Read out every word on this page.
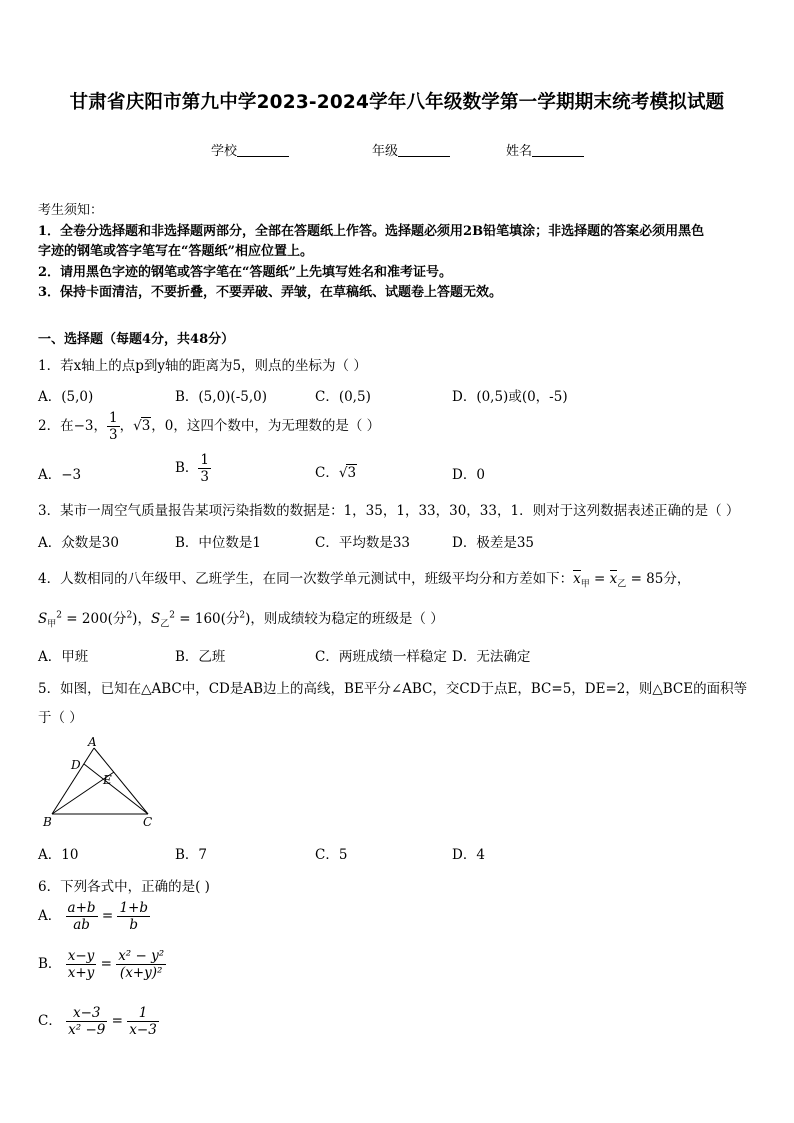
甘肃省庆阳市第九中学2023-2024学年八年级数学第一学期期末统考模拟试题
学校	年级	姓名
考生须知：
1．全卷分选择题和非选择题两部分，全部在答题纸上作答。选择题必须用2B铅笔填涂；非选择题的答案必须用黑色
字迹的钢笔或答字笔写在“答题纸”相应位置上。
2．请用黑色字迹的钢笔或答字笔在“答题纸”上先填写姓名和准考证号。
3．保持卡面清洁，不要折叠，不要弄破、弄皱，在草稿纸、试题卷上答题无效。
一、选择题（每题4分，共48分）
1．若x轴上的点p到y轴的距离为5，则点的坐标为（ ）
A．(5,0)	B．(5,0)(-5,0)	C．(0,5)	D．(0,5)或(0，-5)
2．在−3， $\frac{1}{3}$ ，√3，0，这四个数中，为无理数的是（ ）
A．−3	B． $\frac{1}{3}$	C．√3	D．0
3．某市一周空气质量报告某项污染指数的数据是：1，35，1，33，30，33，1．则对于这列数据表述正确的是（ ）
A．众数是30	B．中位数是1	C．平均数是33	D．极差是35
4．人数相同的八年级甲、乙班学生，在同一次数学单元测试中，班级平均分和方差如下：$x_甲 = x_乙 = 85$分，
$S_甲^2 = 200$(分$^2$)，$S_乙^2 = 160$(分$^2$)，则成绩较为稳定的班级是（ ）
A．甲班	B．乙班	C．两班成绩一样稳定 D．无法确定
5．如图，已知在△ABC中，CD是AB边上的高线，BE平分∠ABC，交CD于点E，BC=5，DE=2，则△BCE的面积等
于（ ）
A
D
E
B	C
A．10	B．7	C．5	D．4
6．下列各式中，正确的是( )
A． $\frac{a+b}{ab} = \frac{1+b}{b}$
B． $\frac{x-y}{x+y} = \frac{\text{x² − y²}}{\text{(x+y)²}}$
C． $\frac{x-3}{\text{x² −9}} = \frac{1}{x-3}$
